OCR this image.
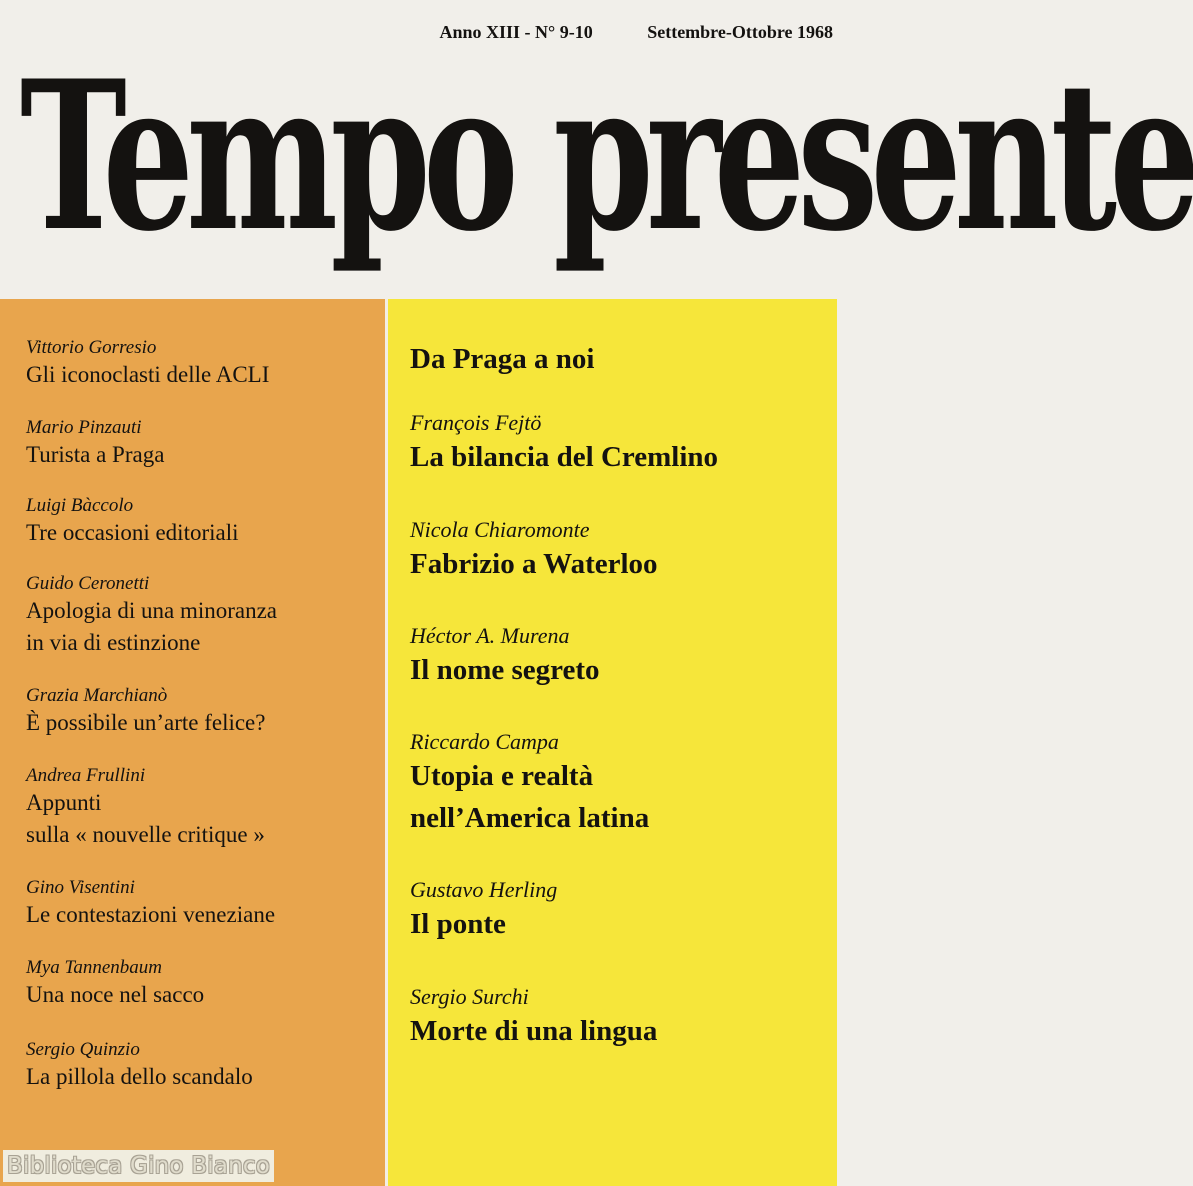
Anno XIII - N° 9-10	Settembre-Ottobre 1968
Tempo presente
Vittorio Gorresio
Gli iconoclasti delle ACLI
Mario Pinzauti
Turista a Praga
Luigi Bàccolo
Tre occasioni editoriali
Guido Ceronetti
Apologia di una minoranza
in via di estinzione
Grazia Marchianò
È possibile un’arte felice?
Andrea Frullini
Appunti
sulla « nouvelle critique »
Gino Visentini
Le contestazioni veneziane
Mya Tannenbaum
Una noce nel sacco
Sergio Quinzio
La pillola dello scandalo
Da Praga a noi
François Fejtö
La bilancia del Cremlino
Nicola Chiaromonte
Fabrizio a Waterloo
Héctor A. Murena
Il nome segreto
Riccardo Campa
Utopia e realtà
nell’America latina
Gustavo Herling
Il ponte
Sergio Surchi
Morte di una lingua
Biblioteca Gino Bianco
